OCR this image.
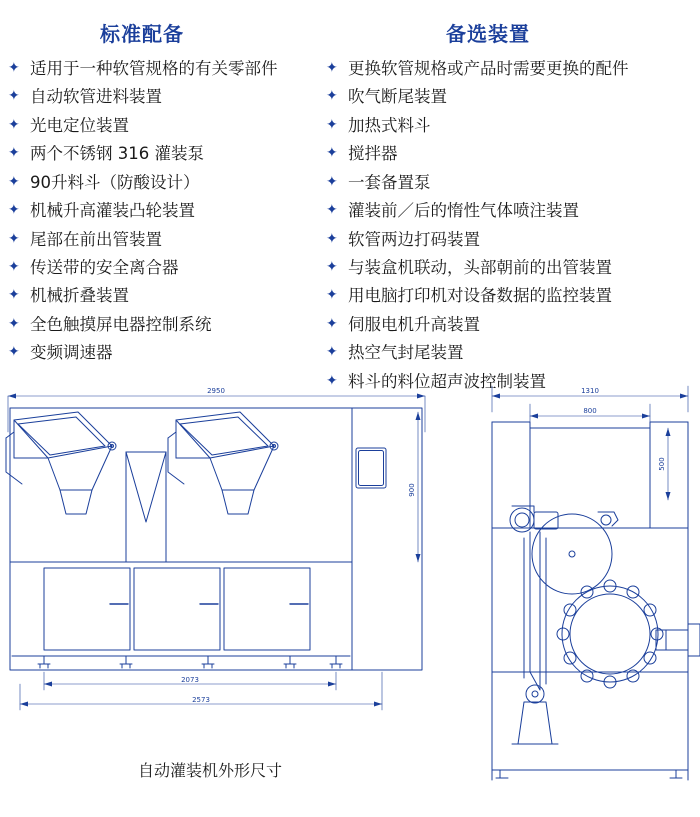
标准配备
✦ 适用于一种软管规格的有关零部件
✦ 自动软管进料装置
✦ 光电定位装置
✦ 两个不锈钢 316 灌装泵
✦ 90升料斗（防酸设计）
✦ 机械升高灌装凸轮装置
✦ 尾部在前出管装置
✦ 传送带的安全离合器
✦ 机械折叠装置
✦ 全色触摸屏电器控制系统
✦ 变频调速器
备选装置
✦ 更换软管规格或产品时需要更换的配件
✦ 吹气断尾装置
✦ 加热式料斗
✦ 搅拌器
✦ 一套备置泵
✦ 灌装前／后的惰性气体喷注装置
✦ 软管两边打码装置
✦ 与装盒机联动，头部朝前的出管装置
✦ 用电脑打印机对设备数据的监控装置
✦ 伺服电机升高装置
✦ 热空气封尾装置
✦ 料斗的料位超声波控制装置
2950
900
2073
2573
1310
800
500
自动灌装机外形尺寸
